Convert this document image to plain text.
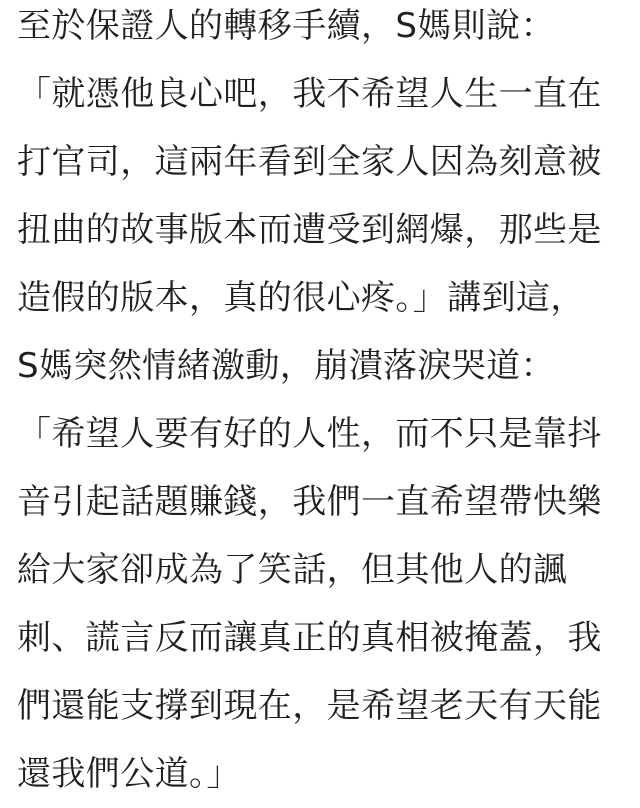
至於保證人的轉移手續，S媽則說：
「就憑他良心吧，我不希望人生一直在
打官司，這兩年看到全家人因為刻意被
扭曲的故事版本而遭受到網爆，那些是
造假的版本，真的很心疼。」講到這，
S媽突然情緒激動，崩潰落淚哭道：
「希望人要有好的人性，而不只是靠抖
音引起話題賺錢，我們一直希望帶快樂
給大家卻成為了笑話，但其他人的諷
刺、謊言反而讓真正的真相被掩蓋，我
們還能支撐到現在，是希望老天有天能
還我們公道。」
